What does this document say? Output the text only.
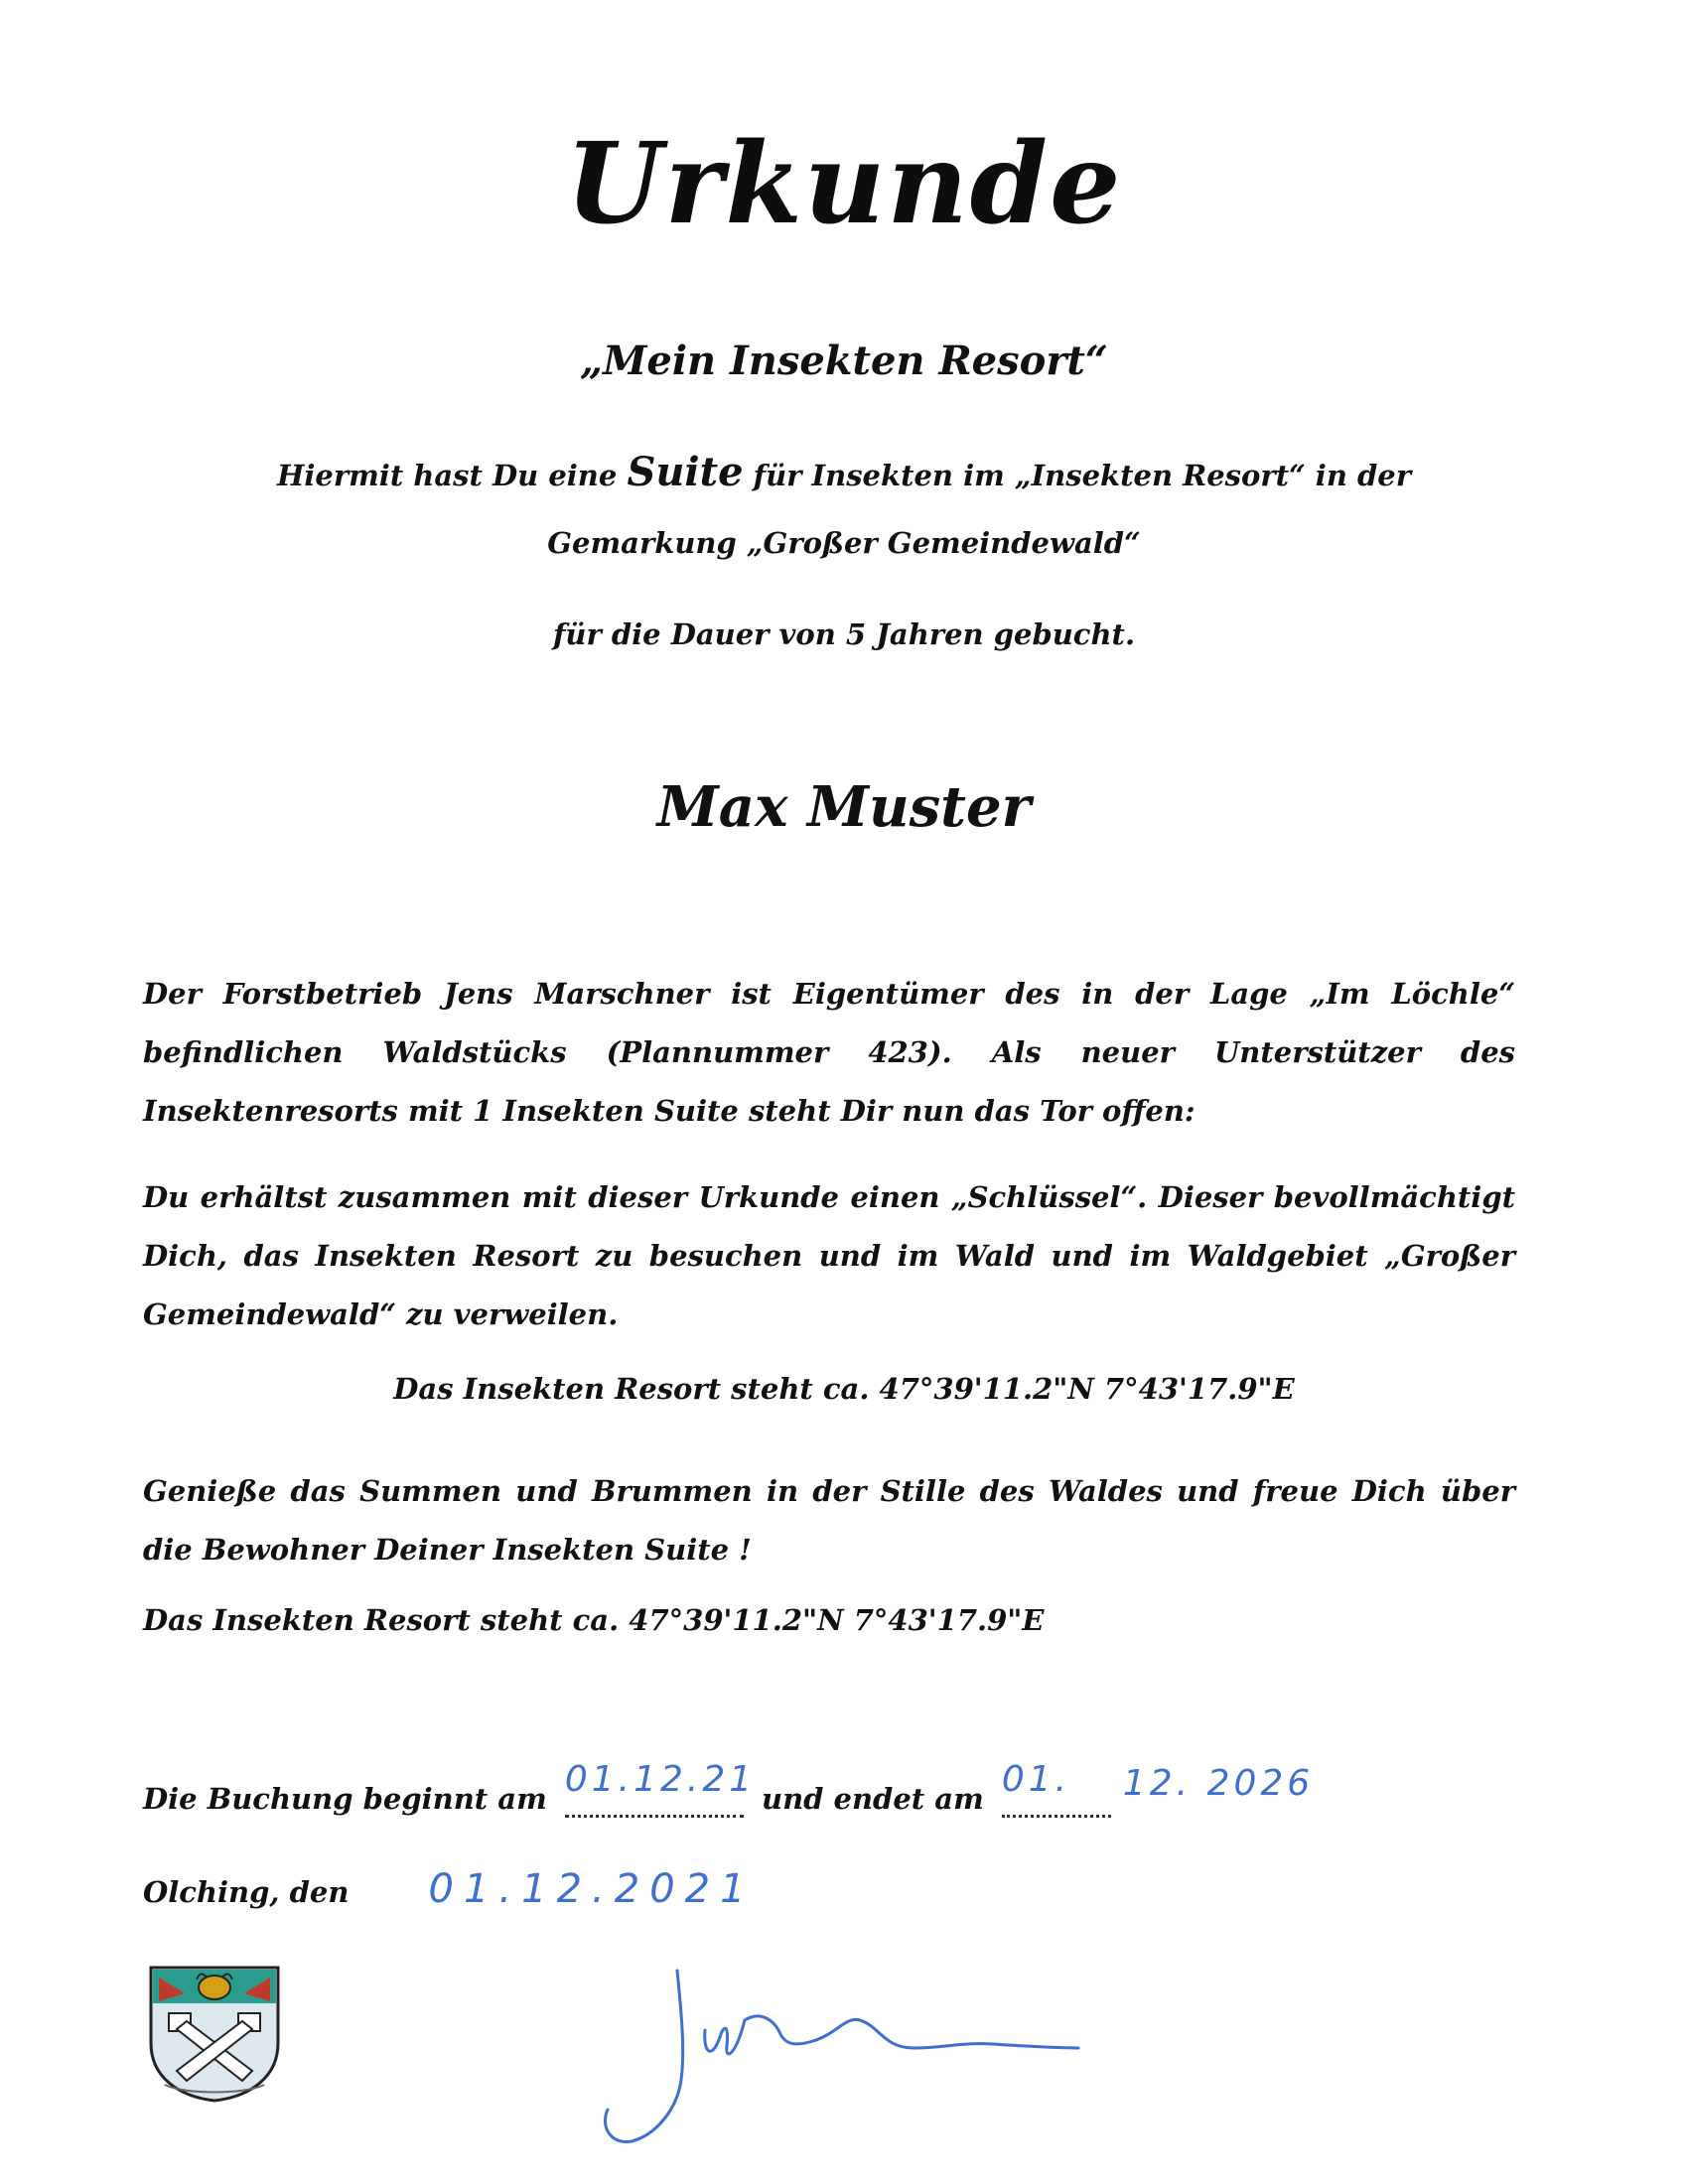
Urkunde

„Mein Insekten Resort“

Hiermit hast Du eine Suite für Insekten im „Insekten Resort“ in der

Gemarkung „Großer Gemeindewald“

für die Dauer von 5 Jahren gebucht.

Max Muster

Der Forstbetrieb Jens Marschner ist Eigentümer des in der Lage „Im Löchle“ befindlichen Waldstücks (Plannummer 423). Als neuer Unterstützer des Insektenresorts mit 1 Insekten Suite steht Dir nun das Tor offen:

Du erhältst zusammen mit dieser Urkunde einen „Schlüssel“. Dieser bevollmächtigt Dich, das Insekten Resort zu besuchen und im Wald und im Waldgebiet „Großer Gemeindewald“ zu verweilen.

Das Insekten Resort steht ca. 47°39'11.2"N 7°43'17.9"E

Genieße das Summen und Brummen in der Stille des Waldes und freue Dich über die Bewohner Deiner Insekten Suite !

Das Insekten Resort steht ca. 47°39'11.2"N 7°43'17.9"E

Die Buchung beginnt am 01.12.21 und endet am 01. 12. 2026

Olching, den 01.12.2021
